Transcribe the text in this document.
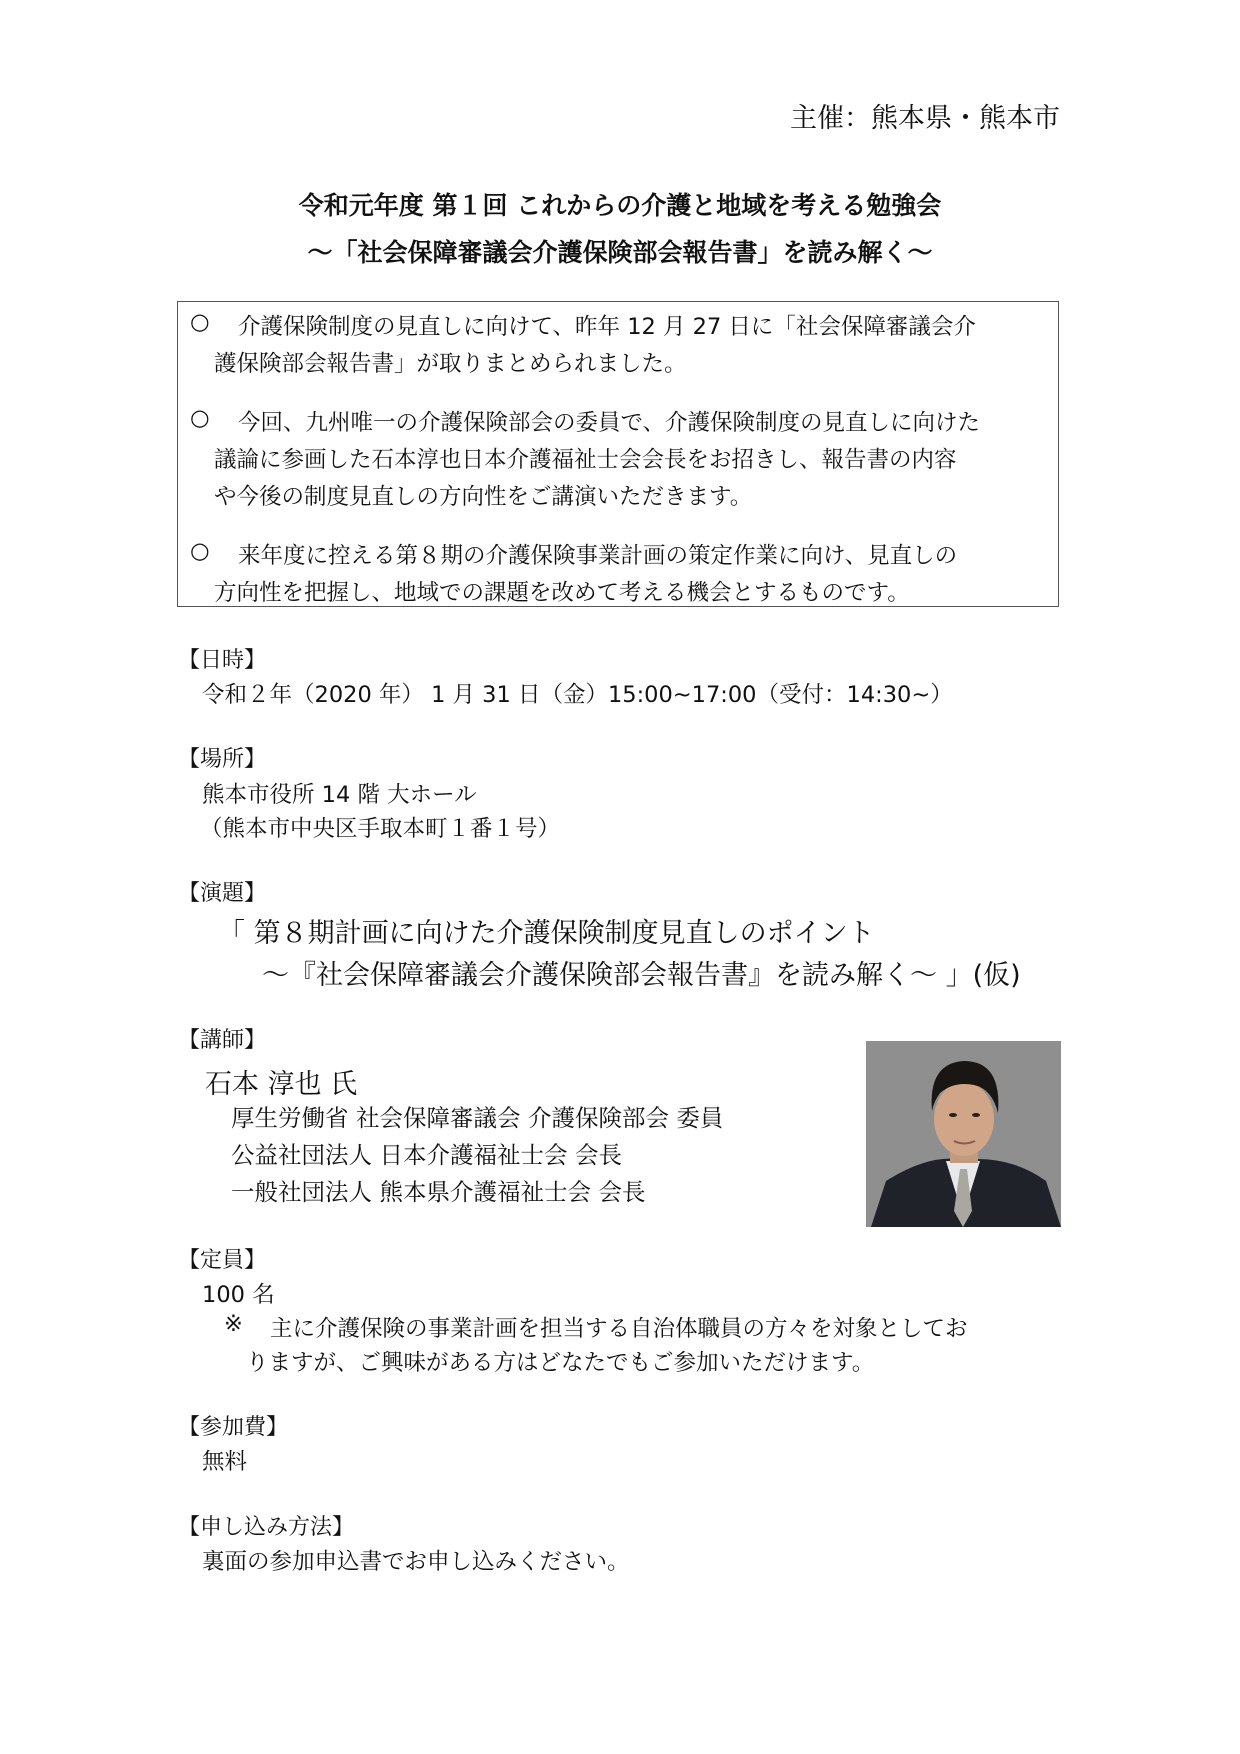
主催：熊本県・熊本市
令和元年度 第１回 これからの介護と地域を考える勉強会
～「社会保障審議会介護保険部会報告書」を読み解く～
○ 介護保険制度の見直しに向けて、昨年 12 月 27 日に「社会保障審議会介
護保険部会報告書」が取りまとめられました。
○ 今回、九州唯一の介護保険部会の委員で、介護保険制度の見直しに向けた
議論に参画した石本淳也日本介護福祉士会会長をお招きし、報告書の内容
や今後の制度見直しの方向性をご講演いただきます。
○ 来年度に控える第８期の介護保険事業計画の策定作業に向け、見直しの
方向性を把握し、地域での課題を改めて考える機会とするものです。
【日時】
令和２年（2020 年） 1 月 31 日（金）15:00~17:00（受付：14:30~）
【場所】
熊本市役所 14 階 大ホール
（熊本市中央区手取本町１番１号）
【演題】
「 第８期計画に向けた介護保険制度見直しのポイント
～『社会保障審議会介護保険部会報告書』を読み解く～ 」(仮)
【講師】
石本 淳也 氏
厚生労働省 社会保障審議会 介護保険部会 委員
公益社団法人 日本介護福祉士会 会長
一般社団法人 熊本県介護福祉士会 会長
【定員】
100 名
※ 主に介護保険の事業計画を担当する自治体職員の方々を対象としてお
りますが、ご興味がある方はどなたでもご参加いただけます。
【参加費】
無料
【申し込み方法】
裏面の参加申込書でお申し込みください。
